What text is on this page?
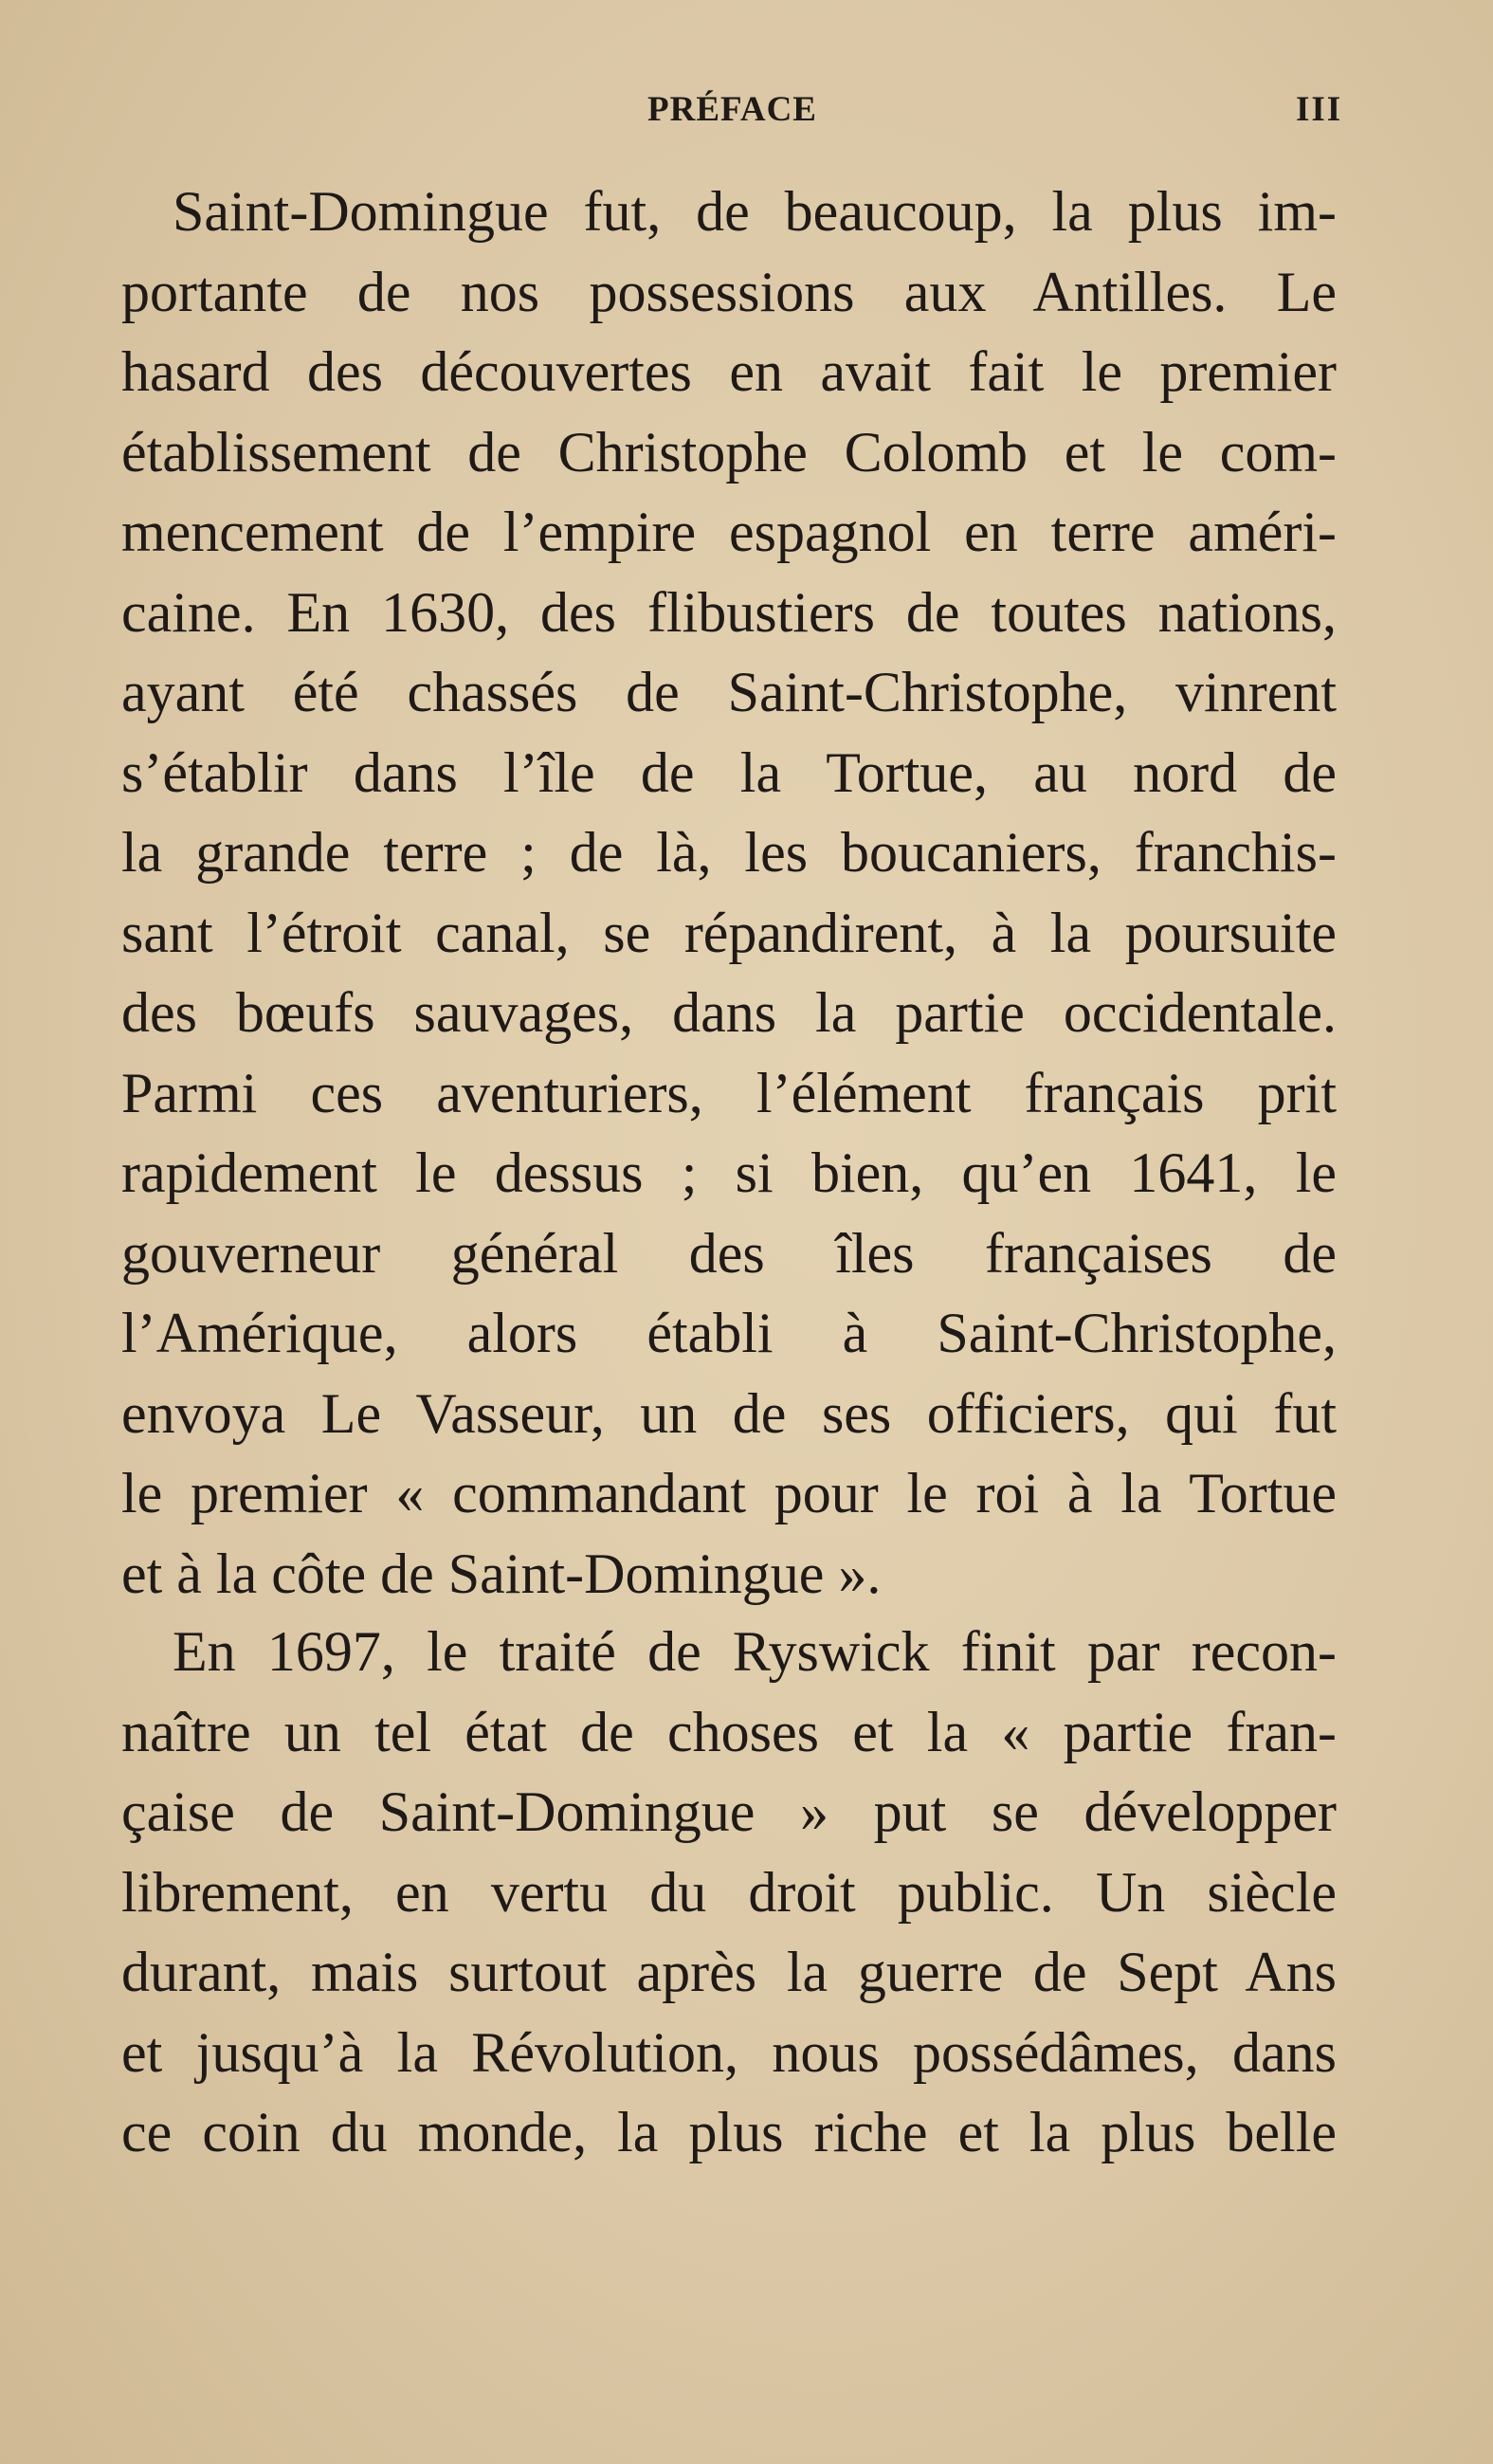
PRÉFACE	III
Saint-Domingue fut, de beaucoup, la plus im-
portante de nos possessions aux Antilles. Le
hasard des découvertes en avait fait le premier
établissement de Christophe Colomb et le com-
mencement de l’empire espagnol en terre améri-
caine. En 1630, des flibustiers de toutes nations,
ayant été chassés de Saint-Christophe, vinrent
s’établir dans l’île de la Tortue, au nord de
la grande terre ; de là, les boucaniers, franchis-
sant l’étroit canal, se répandirent, à la poursuite
des bœufs sauvages, dans la partie occidentale.
Parmi ces aventuriers, l’élément français prit
rapidement le dessus ; si bien, qu’en 1641, le
gouverneur général des îles françaises de
l’Amérique, alors établi à Saint-Christophe,
envoya Le Vasseur, un de ses officiers, qui fut
le premier « commandant pour le roi à la Tortue
et à la côte de Saint-Domingue ».
En 1697, le traité de Ryswick finit par recon-
naître un tel état de choses et la « partie fran-
çaise de Saint-Domingue » put se développer
librement, en vertu du droit public. Un siècle
durant, mais surtout après la guerre de Sept Ans
et jusqu’à la Révolution, nous possédâmes, dans
ce coin du monde, la plus riche et la plus belle
